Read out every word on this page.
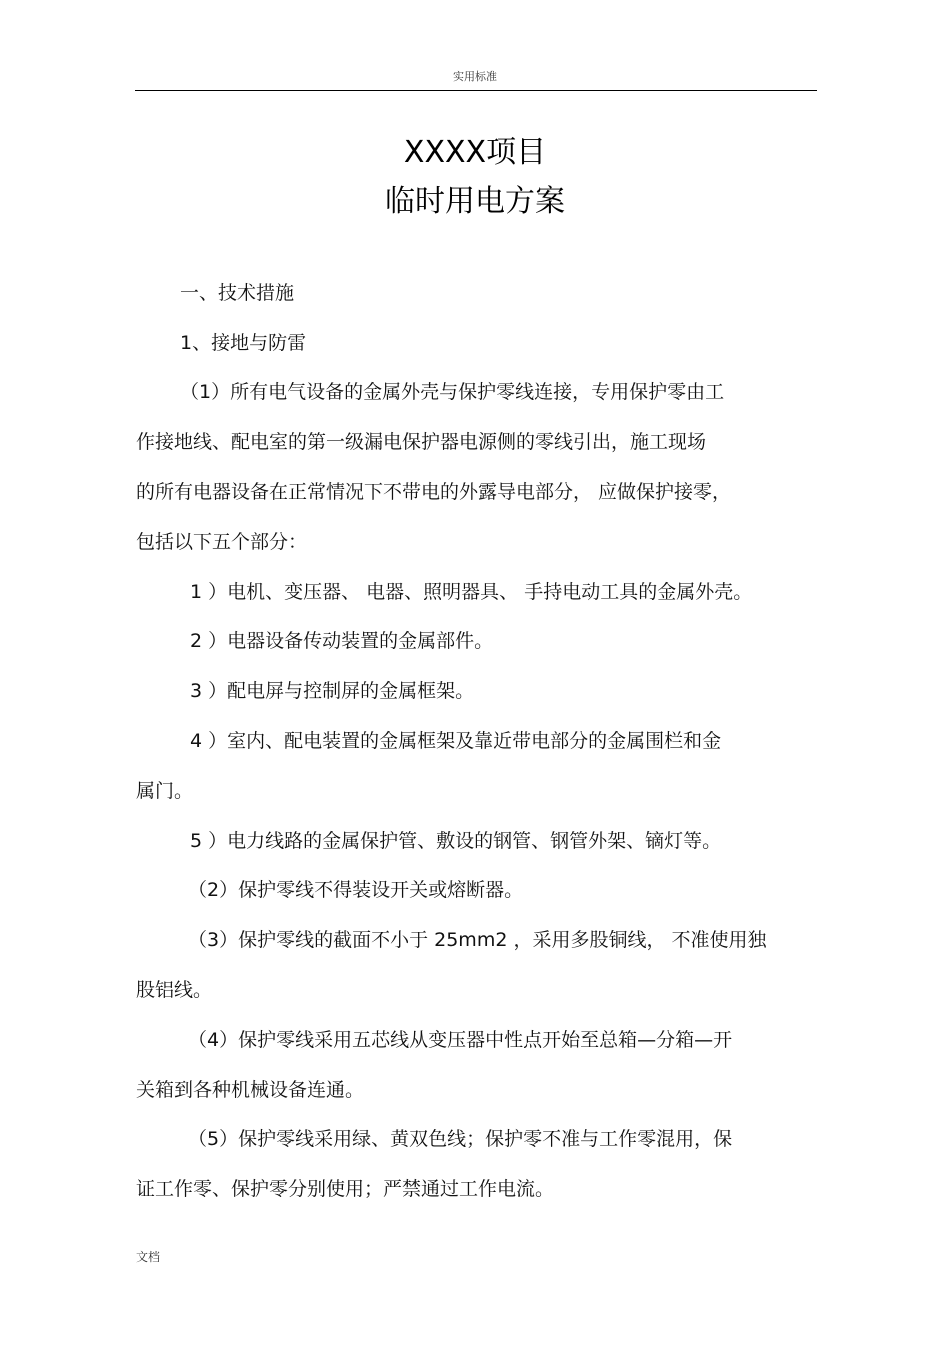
实用标准
XXXX项目
临时用电方案
一、技术措施
1、接地与防雷
（1）所有电气设备的金属外壳与保护零线连接，专用保护零由工
作接地线、配电室的第一级漏电保护器电源侧的零线引出，施工现场
的所有电器设备在正常情况下不带电的外露导电部分， 应做保护接零，
包括以下五个部分：
1 ）电机、变压器、 电器、照明器具、 手持电动工具的金属外壳。
2 ）电器设备传动装置的金属部件。
3 ）配电屏与控制屏的金属框架。
4 ）室内、配电装置的金属框架及靠近带电部分的金属围栏和金
属门。
5 ）电力线路的金属保护管、敷设的钢管、钢管外架、镝灯等。
（2）保护零线不得装设开关或熔断器。
（3）保护零线的截面不小于 25mm2 ，采用多股铜线， 不准使用独
股铝线。
（4）保护零线采用五芯线从变压器中性点开始至总箱—分箱—开
关箱到各种机械设备连通。
（5）保护零线采用绿、黄双色线；保护零不准与工作零混用，保
证工作零、保护零分别使用；严禁通过工作电流。
文档
